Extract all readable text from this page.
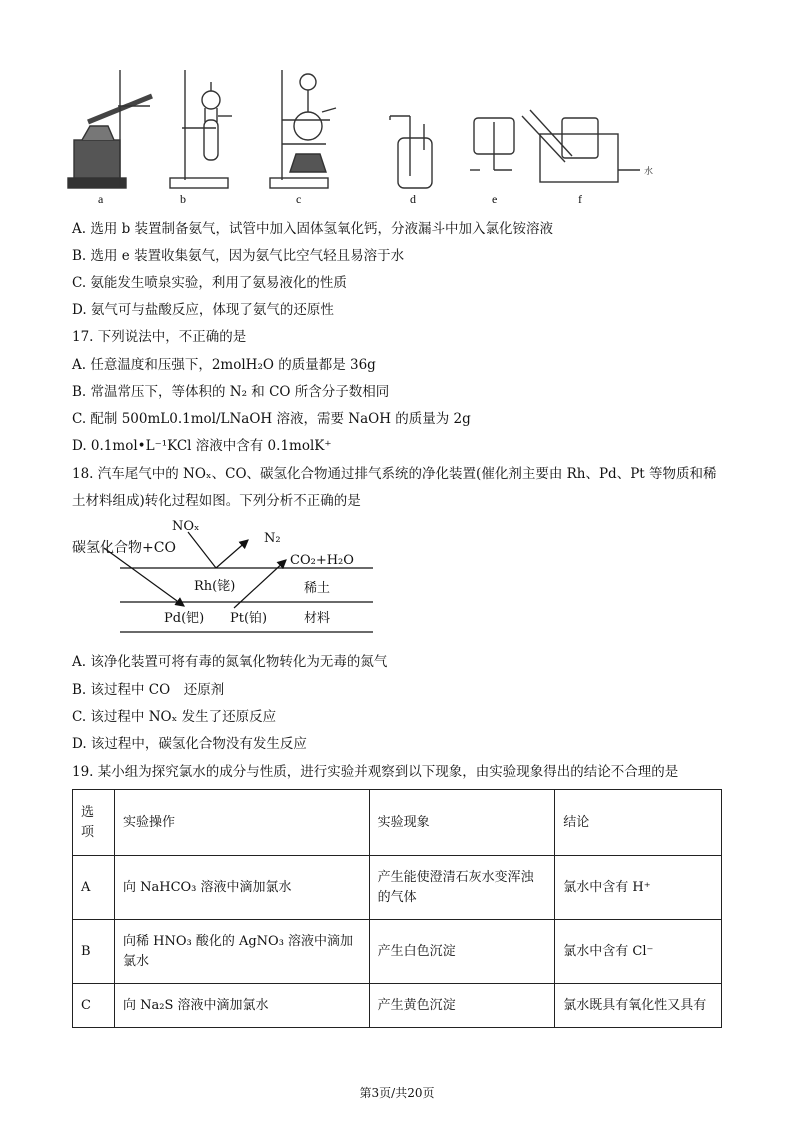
水
a	b	c	d	e	f
A. 选用 b 装置制备氨气，试管中加入固体氢氧化钙，分液漏斗中加入氯化铵溶液
B. 选用 e 装置收集氨气，因为氨气比空气轻且易溶于水
C. 氨能发生喷泉实验，利用了氨易液化的性质
D. 氨气可与盐酸反应，体现了氨气的还原性
17. 下列说法中，不正确的是
A. 任意温度和压强下，2molH₂O 的质量都是 36g
B. 常温常压下，等体积的 N₂ 和 CO 所含分子数相同
C. 配制 500mL0.1mol/LNaOH 溶液，需要 NaOH 的质量为 2g
D. 0.1mol•L⁻¹KCl 溶液中含有 0.1molK⁺
18. 汽车尾气中的 NOₓ、CO、碳氢化合物通过排气系统的净化装置(催化剂主要由 Rh、Pd、Pt 等物质和稀
土材料组成)转化过程如图。下列分析不正确的是
碳氢化合物+CO
NOₓ
N₂
CO₂+H₂O
Rh(铑)	稀土
Pd(钯) Pt(铂)	材料
A. 该净化装置可将有毒的氮氧化物转化为无毒的氮气
B. 该过程中 CO　还原剂
C. 该过程中 NOₓ 发生了还原反应
D. 该过程中，碳氢化合物没有发生反应
19. 某小组为探究氯水的成分与性质，进行实验并观察到以下现象，由实验现象得出的结论不合理的是
选项	实验操作	实验现象	结论
A	向 NaHCO₃ 溶液中滴加氯水	产生能使澄清石灰水变浑浊的气体	氯水中含有 H⁺
B	向稀 HNO₃ 酸化的 AgNO₃ 溶液中滴加氯水	产生白色沉淀	氯水中含有 Cl⁻
C	向 Na₂S 溶液中滴加氯水	产生黄色沉淀	氯水既具有氧化性又具有
第3页/共20页
